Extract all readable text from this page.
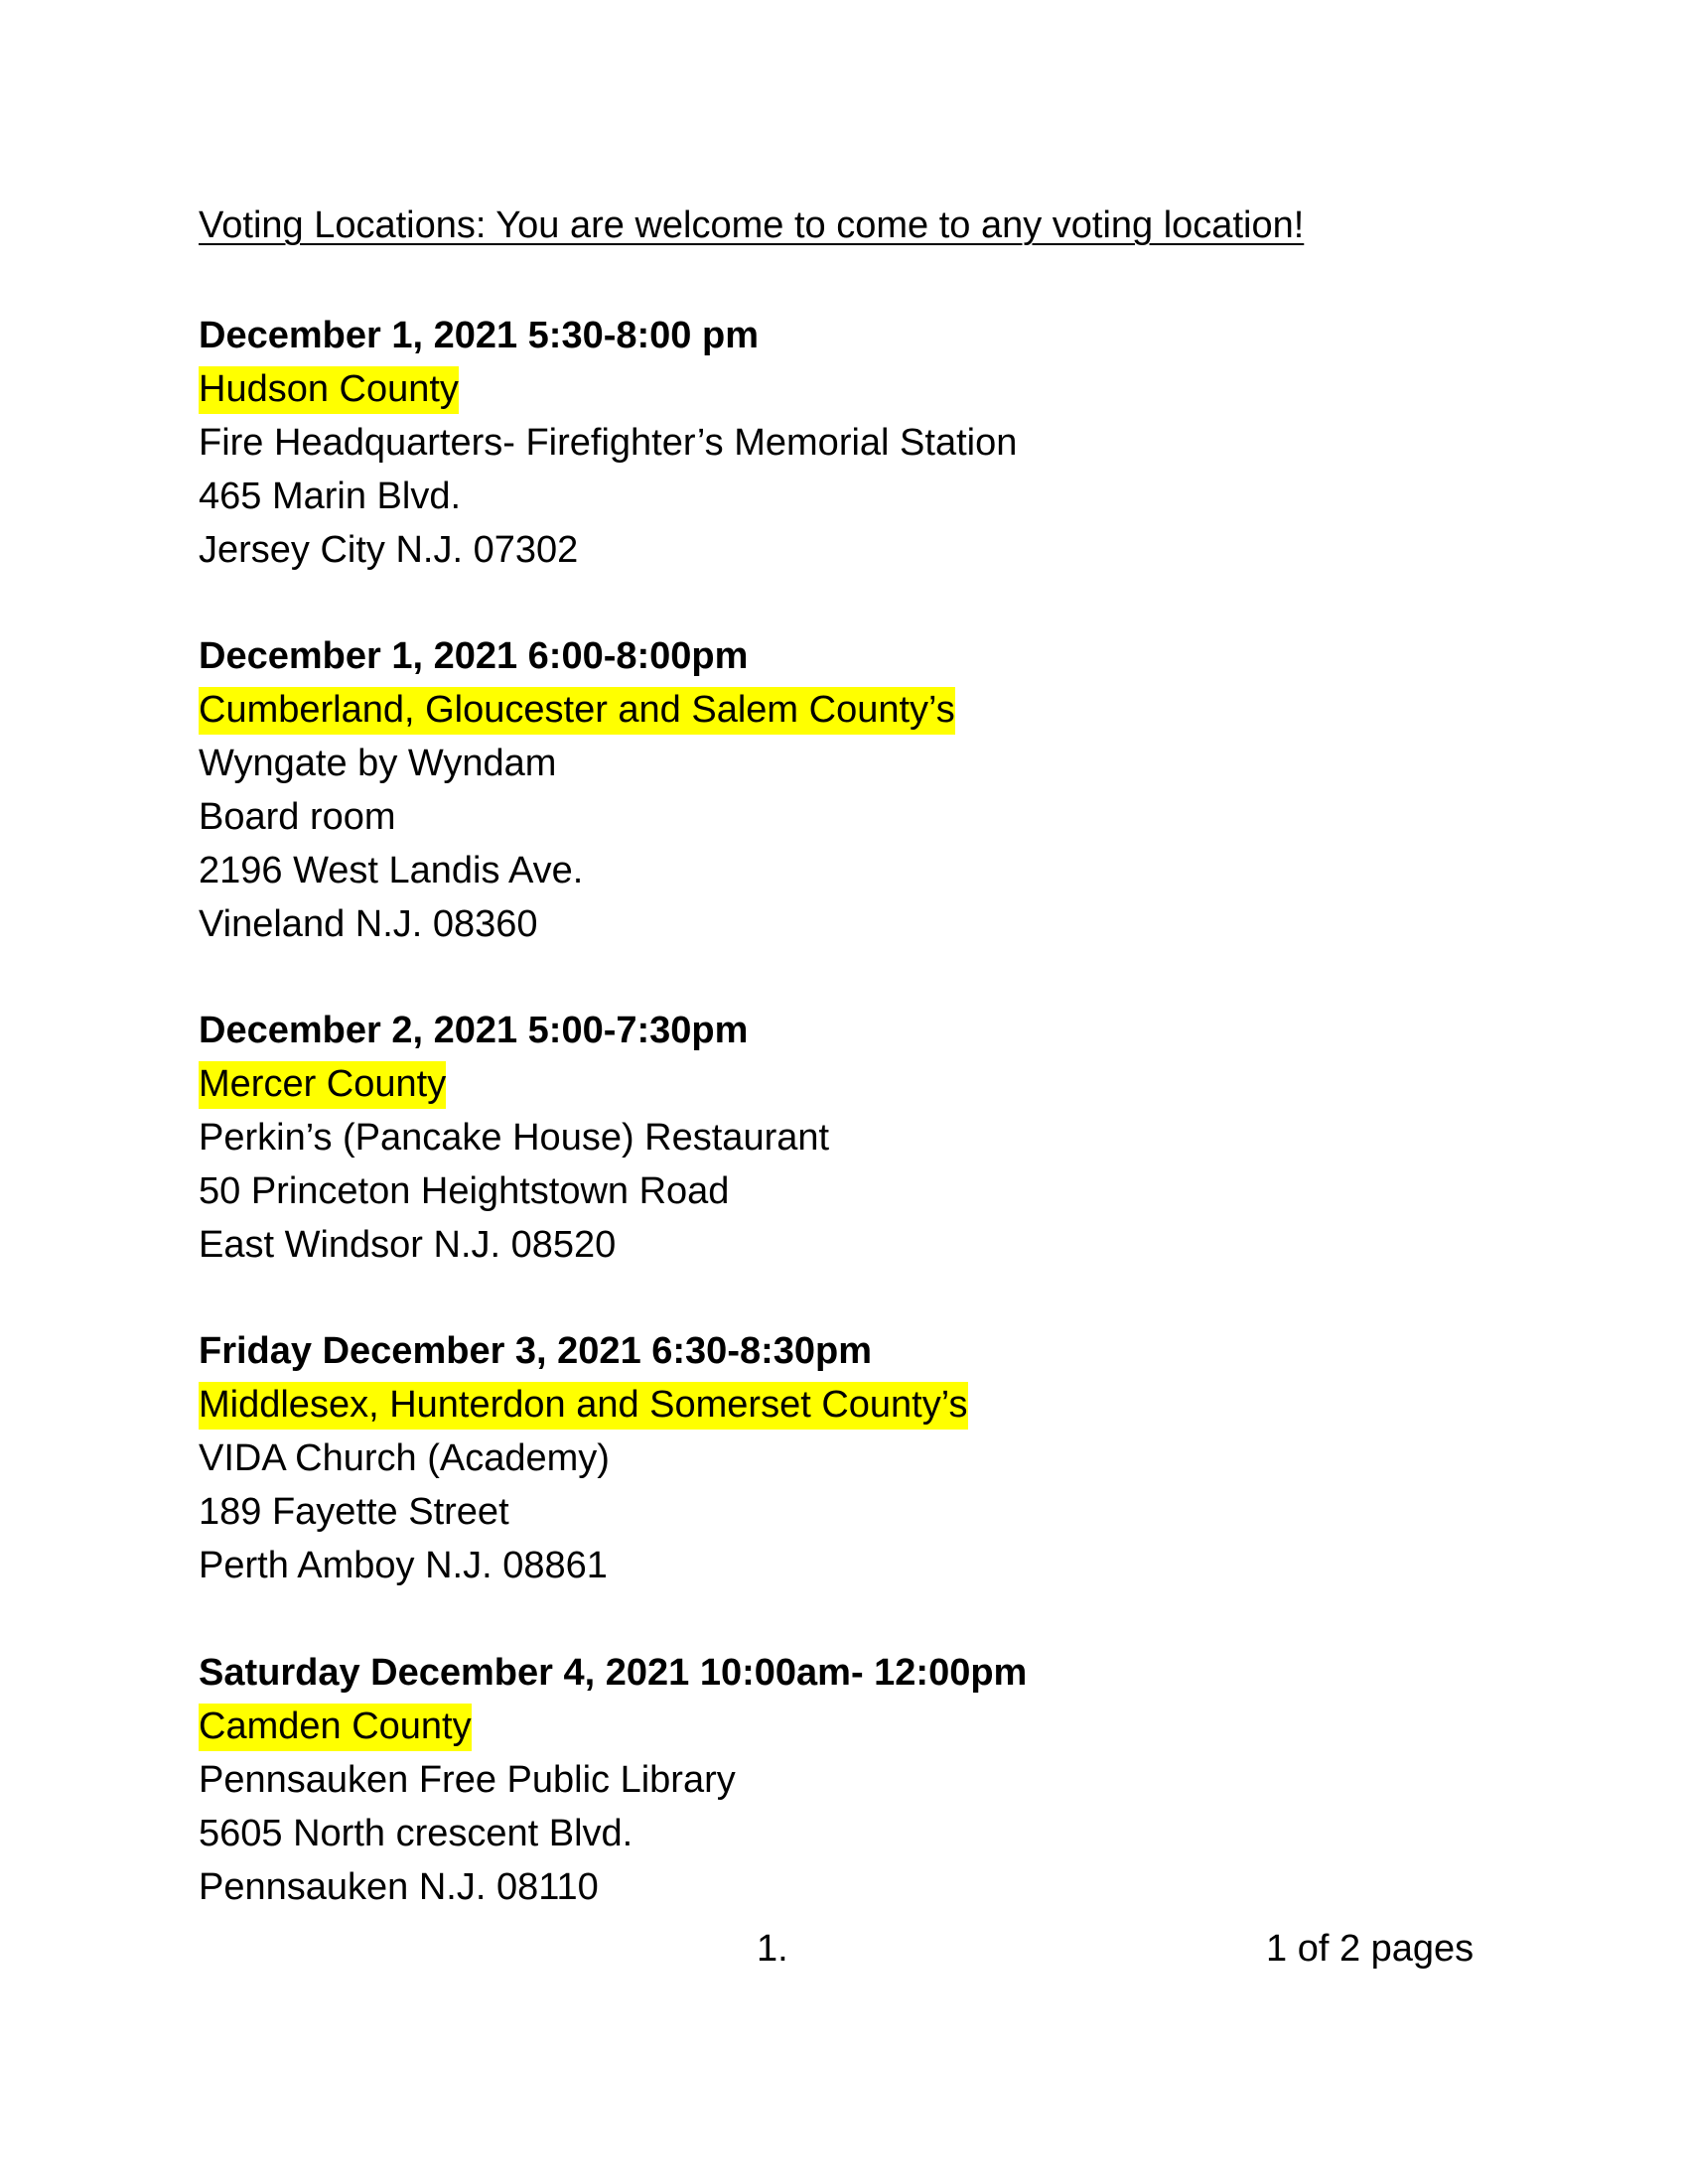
Voting Locations: You are welcome to come to any voting location!
December 1, 2021 5:30-8:00 pm
Hudson County
Fire Headquarters- Firefighter’s Memorial Station
465 Marin Blvd.
Jersey City N.J. 07302
December 1, 2021 6:00-8:00pm
Cumberland, Gloucester and Salem County’s
Wyngate by Wyndam
Board room
2196 West Landis Ave.
Vineland N.J. 08360
December 2, 2021 5:00-7:30pm
Mercer County
Perkin’s (Pancake House) Restaurant
50 Princeton Heightstown Road
East Windsor N.J. 08520
Friday December 3, 2021 6:30-8:30pm
Middlesex, Hunterdon and Somerset County’s
VIDA Church (Academy)
189 Fayette Street
Perth Amboy N.J. 08861
Saturday December 4, 2021 10:00am- 12:00pm
Camden County
Pennsauken Free Public Library
5605 North crescent Blvd.
Pennsauken N.J. 08110
1.	1 of 2 pages
